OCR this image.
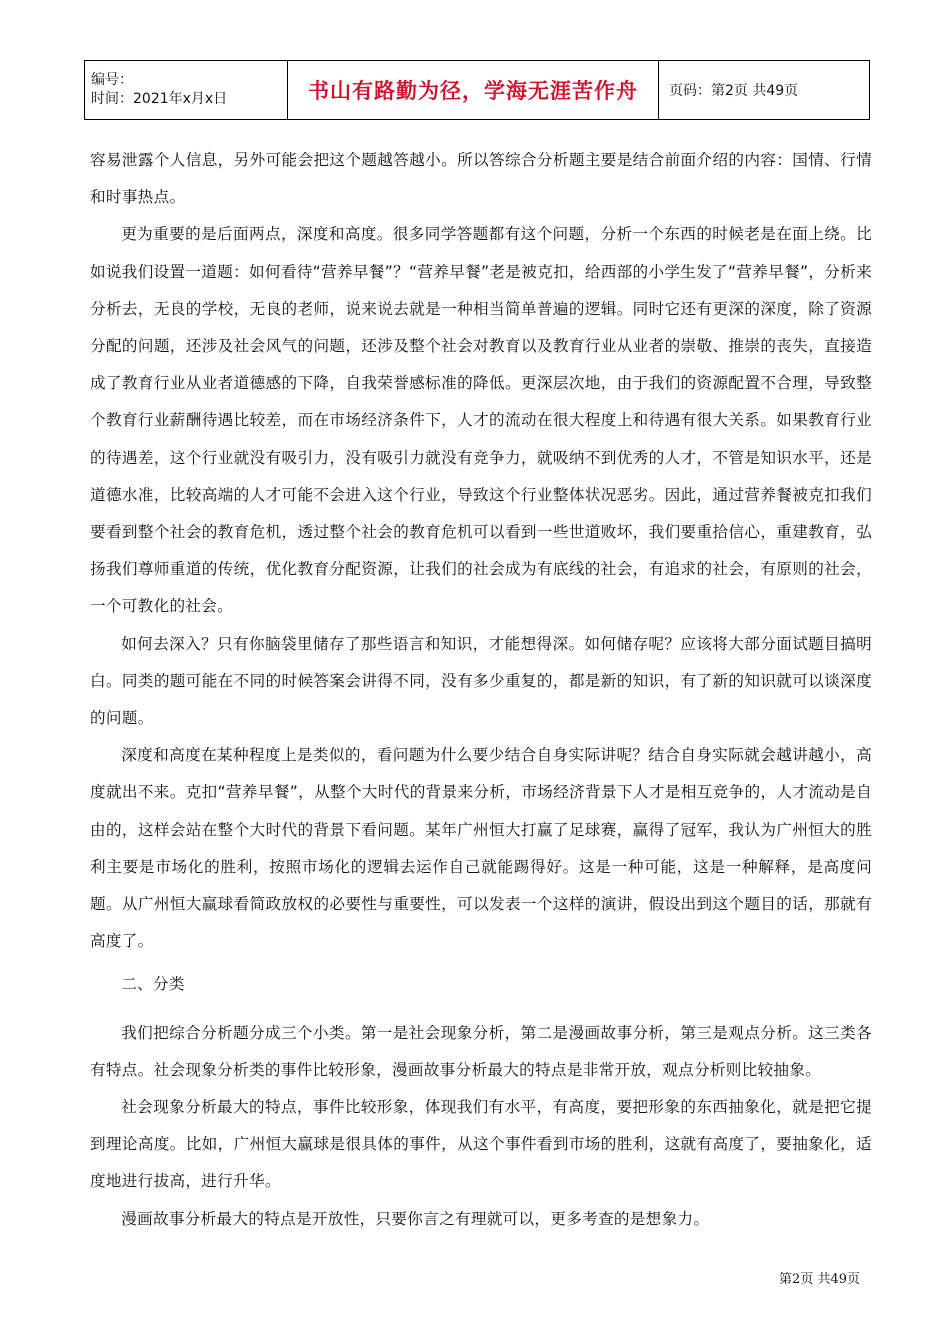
编号：
时间：2021年x月x日	书山有路勤为径，学海无涯苦作舟	页码：第2页 共49页

容易泄露个人信息，另外可能会把这个题越答越小。所以答综合分析题主要是结合前面介绍的内容：国情、行情和时事热点。

更为重要的是后面两点，深度和高度。很多同学答题都有这个问题，分析一个东西的时候老是在面上绕。比如说我们设置一道题：如何看待“营养早餐”？“营养早餐”老是被克扣，给西部的小学生发了“营养早餐”，分析来分析去，无良的学校，无良的老师，说来说去就是一种相当简单普遍的逻辑。同时它还有更深的深度，除了资源分配的问题，还涉及社会风气的问题，还涉及整个社会对教育以及教育行业从业者的崇敬、推崇的丧失，直接造成了教育行业从业者道德感的下降，自我荣誉感标准的降低。更深层次地，由于我们的资源配置不合理，导致整个教育行业薪酬待遇比较差，而在市场经济条件下，人才的流动在很大程度上和待遇有很大关系。如果教育行业的待遇差，这个行业就没有吸引力，没有吸引力就没有竞争力，就吸纳不到优秀的人才，不管是知识水平，还是道德水准，比较高端的人才可能不会进入这个行业，导致这个行业整体状况恶劣。因此，通过营养餐被克扣我们要看到整个社会的教育危机，透过整个社会的教育危机可以看到一些世道败坏，我们要重拾信心，重建教育，弘扬我们尊师重道的传统，优化教育分配资源，让我们的社会成为有底线的社会，有追求的社会，有原则的社会，一个可教化的社会。

如何去深入？只有你脑袋里储存了那些语言和知识，才能想得深。如何储存呢？应该将大部分面试题目搞明白。同类的题可能在不同的时候答案会讲得不同，没有多少重复的，都是新的知识，有了新的知识就可以谈深度的问题。

深度和高度在某种程度上是类似的，看问题为什么要少结合自身实际讲呢？结合自身实际就会越讲越小，高度就出不来。克扣“营养早餐”，从整个大时代的背景来分析，市场经济背景下人才是相互竞争的，人才流动是自由的，这样会站在整个大时代的背景下看问题。某年广州恒大打赢了足球赛，赢得了冠军，我认为广州恒大的胜利主要是市场化的胜利，按照市场化的逻辑去运作自己就能踢得好。这是一种可能，这是一种解释，是高度问题。从广州恒大赢球看简政放权的必要性与重要性，可以发表一个这样的演讲，假设出到这个题目的话，那就有高度了。

二、分类

我们把综合分析题分成三个小类。第一是社会现象分析，第二是漫画故事分析，第三是观点分析。这三类各有特点。社会现象分析类的事件比较形象，漫画故事分析最大的特点是非常开放，观点分析则比较抽象。

社会现象分析最大的特点，事件比较形象，体现我们有水平，有高度，要把形象的东西抽象化，就是把它提到理论高度。比如，广州恒大赢球是很具体的事件，从这个事件看到市场的胜利，这就有高度了，要抽象化，适度地进行拔高，进行升华。

漫画故事分析最大的特点是开放性，只要你言之有理就可以，更多考查的是想象力。

第2页 共49页
